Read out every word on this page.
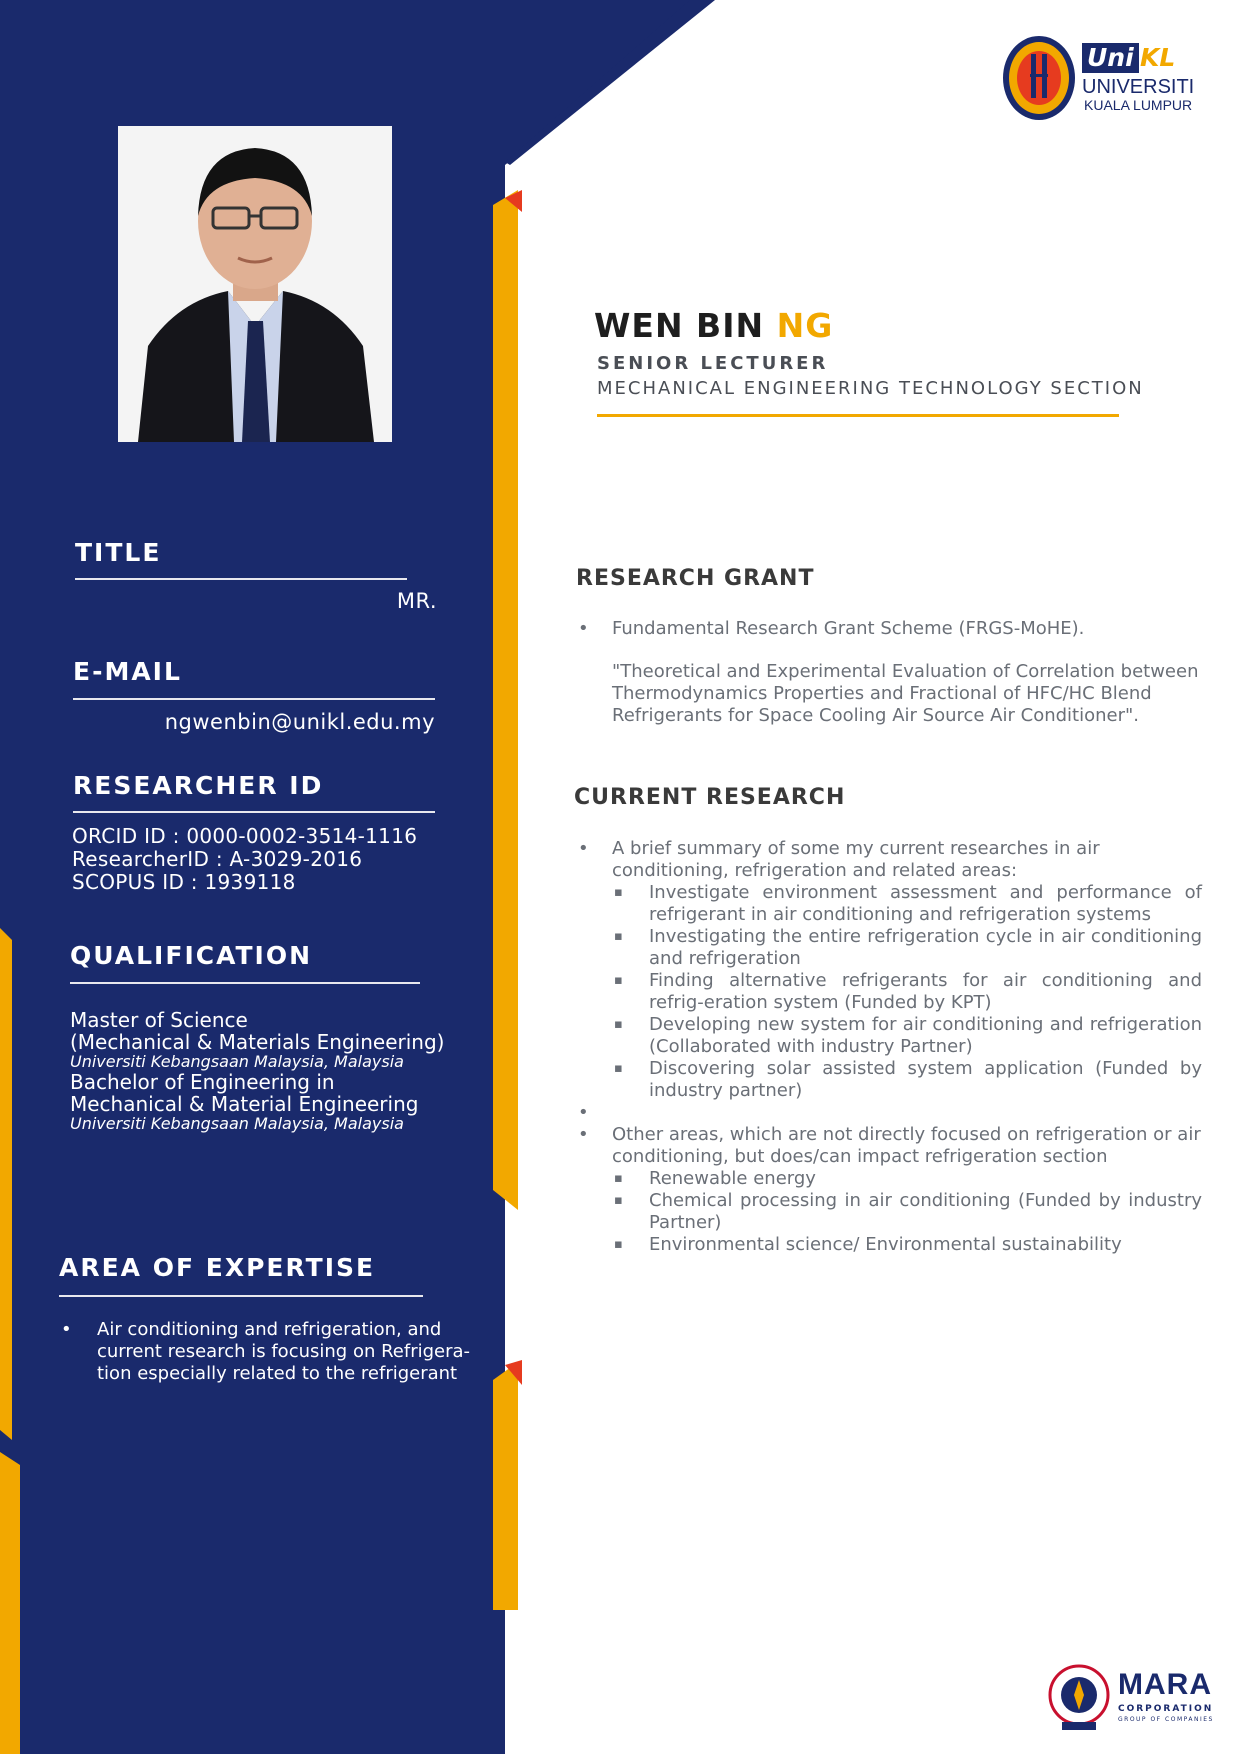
Uni KL
UNIVERSITI
KUALA LUMPUR
WEN BIN NG
SENIOR LECTURER
MECHANICAL ENGINEERING TECHNOLOGY SECTION
TITLE
MR.
E-MAIL
ngwenbin@unikl.edu.my
RESEARCHER ID
ORCID ID : 0000-0002-3514-1116
ResearcherID : A-3029-2016
SCOPUS ID : 1939118
QUALIFICATION
Master of Science
(Mechanical & Materials Engineering)
Universiti Kebangsaan Malaysia, Malaysia
Bachelor of Engineering in
Mechanical & Material Engineering
Universiti Kebangsaan Malaysia, Malaysia
AREA OF EXPERTISE
• Air conditioning and refrigeration, and current research is focusing on Refrigera-tion especially related to the refrigerant
RESEARCH GRANT
• Fundamental Research Grant Scheme (FRGS-MoHE).
"Theoretical and Experimental Evaluation of Correlation between Thermodynamics Properties and Fractional of HFC/HC Blend Refrigerants for Space Cooling Air Source Air Conditioner".
CURRENT RESEARCH
• A brief summary of some my current researches in air conditioning, refrigeration and related areas:
▪ Investigate environment assessment and performance of refrigerant in air conditioning and refrigeration systems
▪ Investigating the entire refrigeration cycle in air conditioning and refrigeration
▪ Finding alternative refrigerants for air conditioning and refrig-eration system (Funded by KPT)
▪ Developing new system for air conditioning and refrigeration (Collaborated with industry Partner)
▪ Discovering solar assisted system application (Funded by industry partner)
•
• Other areas, which are not directly focused on refrigeration or air conditioning, but does/can impact refrigeration section
▪ Renewable energy
▪ Chemical processing in air conditioning (Funded by industry Partner)
▪ Environmental science/ Environmental sustainability
MARA
CORPORATION
GROUP OF COMPANIES
